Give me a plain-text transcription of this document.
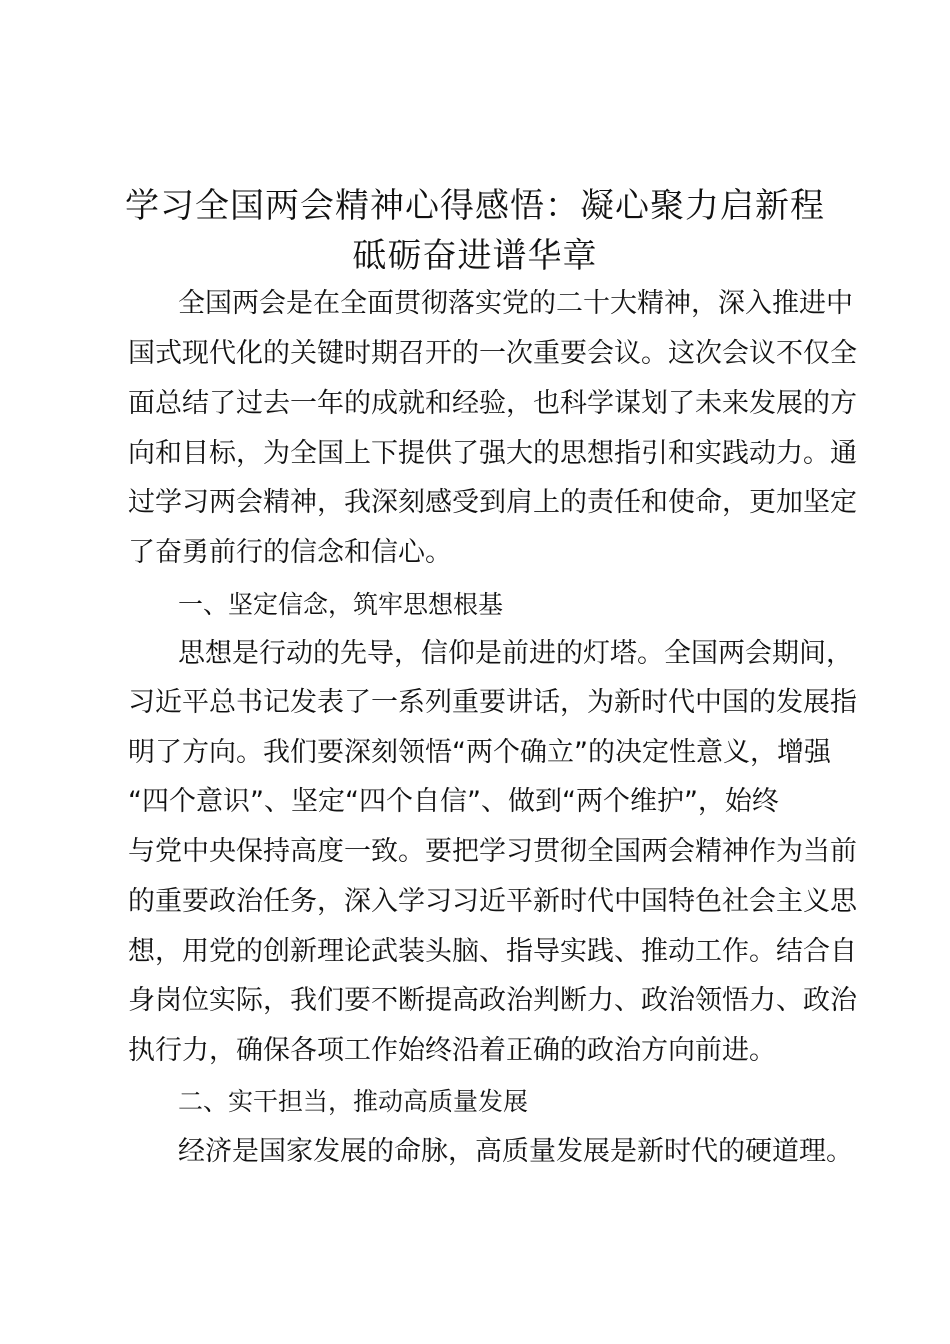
学习全国两会精神心得感悟：凝心聚力启新程
砥砺奋进谱华章

全国两会是在全面贯彻落实党的二十大精神，深入推进中

国式现代化的关键时期召开的一次重要会议。这次会议不仅全

面总结了过去一年的成就和经验，也科学谋划了未来发展的方

向和目标，为全国上下提供了强大的思想指引和实践动力。通

过学习两会精神，我深刻感受到肩上的责任和使命，更加坚定

了奋勇前行的信念和信心。

一、坚定信念，筑牢思想根基

思想是行动的先导，信仰是前进的灯塔。全国两会期间，

习近平总书记发表了一系列重要讲话，为新时代中国的发展指

明了方向。我们要深刻领悟“两个确立”的决定性意义，增强

“四个意识”、坚定“四个自信”、做到“两个维护”，始终

与党中央保持高度一致。要把学习贯彻全国两会精神作为当前

的重要政治任务，深入学习习近平新时代中国特色社会主义思

想，用党的创新理论武装头脑、指导实践、推动工作。结合自

身岗位实际，我们要不断提高政治判断力、政治领悟力、政治

执行力，确保各项工作始终沿着正确的政治方向前进。

二、实干担当，推动高质量发展

经济是国家发展的命脉，高质量发展是新时代的硬道理。
